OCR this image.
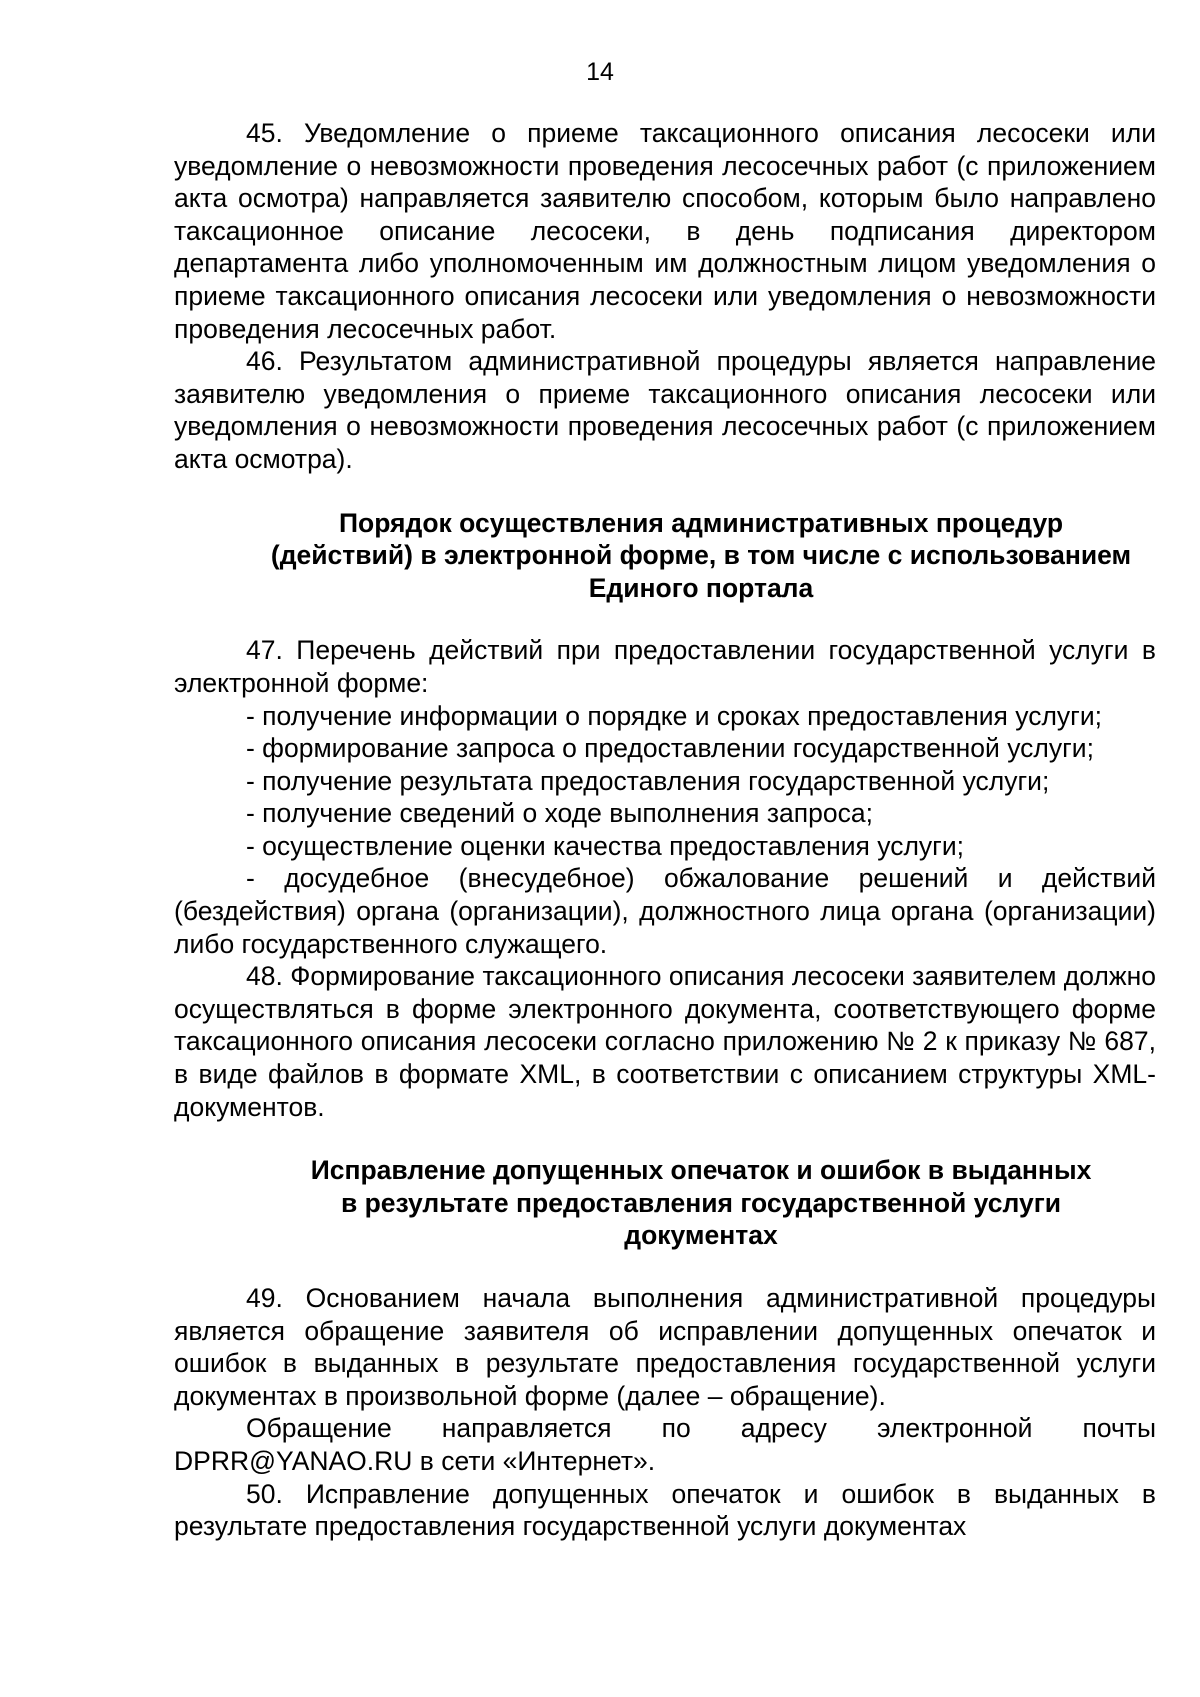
14

45. Уведомление о приеме таксационного описания лесосеки или уведомление о невозможности проведения лесосечных работ (с приложением акта осмотра) направляется заявителю способом, которым было направлено таксационное описание лесосеки, в день подписания директором департамента либо уполномоченным им должностным лицом уведомления о приеме таксационного описания лесосеки или уведомления о невозможности проведения лесосечных работ.

46. Результатом административной процедуры является направление заявителю уведомления о приеме таксационного описания лесосеки или уведомления о невозможности проведения лесосечных работ (с приложением акта осмотра).

Порядок осуществления административных процедур
(действий) в электронной форме, в том числе с использованием
Единого портала

47. Перечень действий при предоставлении государственной услуги в электронной форме:

- получение информации о порядке и сроках предоставления услуги;

- формирование запроса о предоставлении государственной услуги;

- получение результата предоставления государственной услуги;

- получение сведений о ходе выполнения запроса;

- осуществление оценки качества предоставления услуги;

- досудебное (внесудебное) обжалование решений и действий (бездействия) органа (организации), должностного лица органа (организации) либо государственного служащего.

48. Формирование таксационного описания лесосеки заявителем должно осуществляться в форме электронного документа, соответствующего форме таксационного описания лесосеки согласно приложению № 2 к приказу № 687, в виде файлов в формате XML, в соответствии с описанием структуры XML-документов.

Исправление допущенных опечаток и ошибок в выданных
в результате предоставления государственной услуги
документах

49. Основанием начала выполнения административной процедуры является обращение заявителя об исправлении допущенных опечаток и ошибок в выданных в результате предоставления государственной услуги документах в произвольной форме (далее – обращение).

Обращение направляется по адресу электронной почты DPRR@YANAO.RU в сети «Интернет».

50. Исправление допущенных опечаток и ошибок в выданных в результате предоставления государственной услуги документах
